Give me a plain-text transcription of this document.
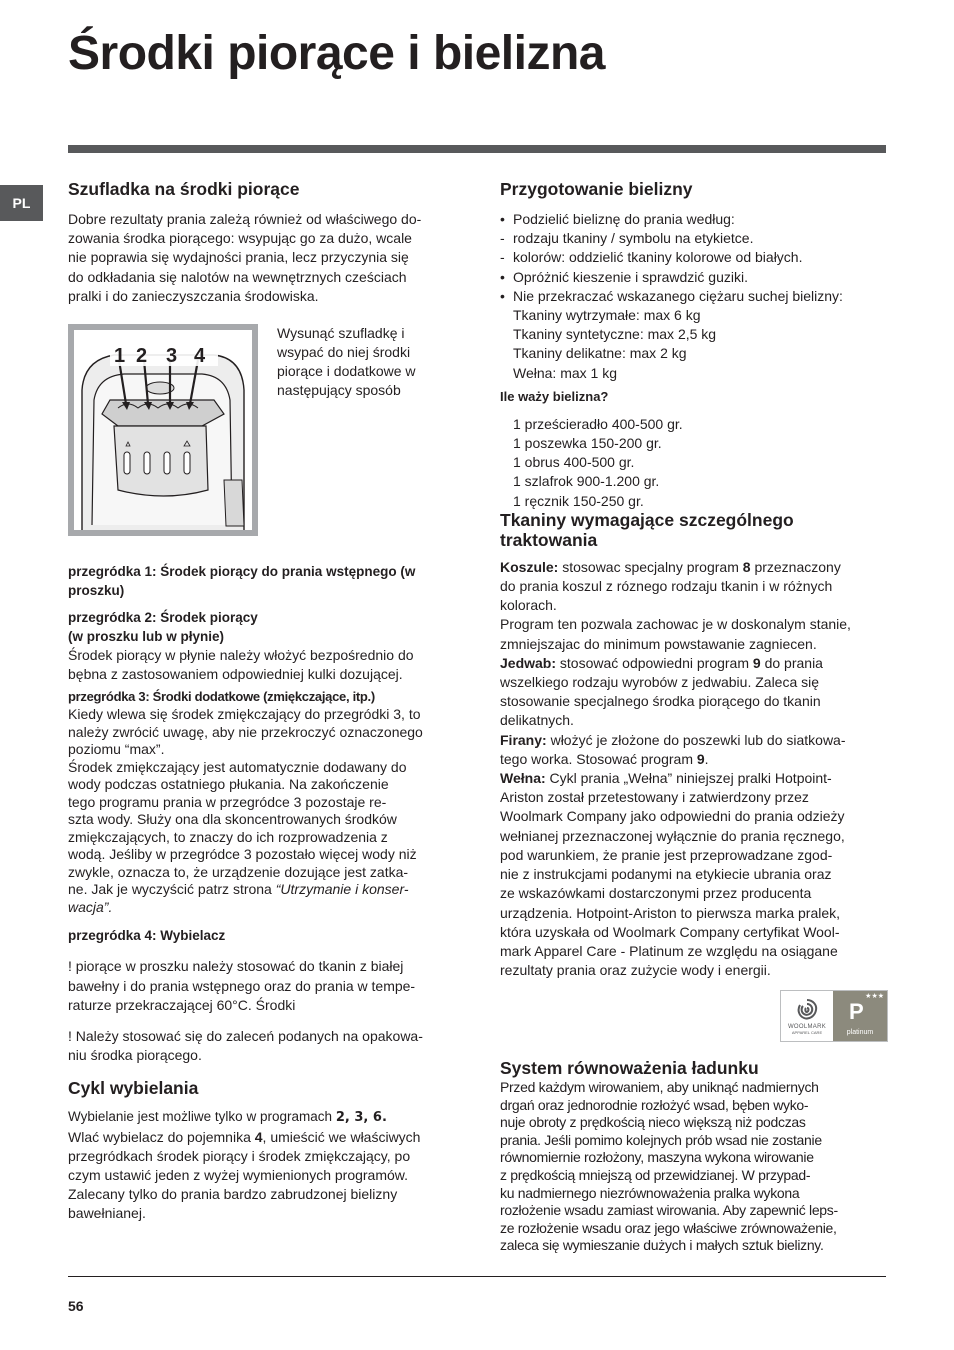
Środki piorące i bielizna
PL
Szufladka na środki piorące
Dobre rezultaty prania zależą również od właściwego do-
zowania środka piorącego: wsypując go za dużo, wcale
nie poprawia się wydajności prania, lecz przyczynia się
do odkładania się nalotów na wewnętrznych cześciach
pralki i do zanieczyszczania środowiska.
1 2 3 4
Wysunąć szufladkę i
wsypać do niej środki
piorące i dodatkowe w
następujący sposób
przegródka 1: Środek piorący do prania wstępnego (w
proszku)
przegródka 2: Środek piorący
(w proszku lub w płynie)
Środek piorący w płynie należy włożyć bezpośrednio do
bębna z zastosowaniem odpowiedniej kulki dozującej.
przegródka 3: Środki dodatkowe (zmiękczające, itp.)
Kiedy wlewa się środek zmiękczający do przegródki 3, to
należy zwrócić uwagę, aby nie przekroczyć oznaczonego
poziomu “max”.
Środek zmiękczający jest automatycznie dodawany do
wody podczas ostatniego płukania. Na zakończenie
tego programu prania w przegródce 3 pozostaje re-
szta wody. Służy ona dla skoncentrowanych środków
zmiękczających, to znaczy do ich rozprowadzenia z
wodą. Jeśliby w przegródce 3 pozostało więcej wody niż
zwykle, oznacza to, że urządzenie dozujące jest zatka-
ne. Jak je wyczyścić patrz strona “Utrzymanie i konser-
wacja”.
przegródka 4: Wybielacz
! piorące w proszku należy stosować do tkanin z białej
bawełny i do prania wstępnego oraz do prania w tempe-
raturze przekraczającej 60°C. Środki
! Należy stosować się do zaleceń podanych na opakowa-
niu środka piorącego.
Cykl wybielania
Wybielanie jest możliwe tylko w programach 2, 3, 6.
Wlać wybielacz do pojemnika 4, umieścić we właściwych
przegródkach środek piorący i środek zmiękczający, po
czym ustawić jeden z wyżej wymienionych programów.
Zalecany tylko do prania bardzo zabrudzonej bielizny
bawełnianej.
Przygotowanie bielizny
• Podzielić bieliznę do prania według:
- rodzaju tkaniny / symbolu na etykietce.
- kolorów: oddzielić tkaniny kolorowe od białych.
• Opróżnić kieszenie i sprawdzić guziki.
• Nie przekraczać wskazanego ciężaru suchej bielizny:
Tkaniny wytrzymałe: max 6 kg
Tkaniny syntetyczne: max 2,5 kg
Tkaniny delikatne: max 2 kg
Wełna: max 1 kg
Ile waży bielizna?
1 prześcieradło 400-500 gr.
1 poszewka 150-200 gr.
1 obrus 400-500 gr.
1 szlafrok 900-1.200 gr.
1 ręcznik 150-250 gr.
Tkaniny wymagające szczególnego
traktowania
Koszule: stosowac specjalny program 8 przeznaczony
do prania koszul z róznego rodzaju tkanin i w różnych
kolorach.
Program ten pozwala zachowac je w doskonalym stanie,
zmniejszajac do minimum powstawanie zagniecen.
Jedwab: stosować odpowiedni program 9 do prania
wszelkiego rodzaju wyrobów z jedwabiu. Zaleca się
stosowanie specjalnego środka piorącego do tkanin
delikatnych.
Firany: włożyć je złożone do poszewki lub do siatkowa-
tego worka. Stosować program 9.
Wełna: Cykl prania „Wełna” niniejszej pralki Hotpoint-
Ariston został przetestowany i zatwierdzony przez
Woolmark Company jako odpowiedni do prania odzieży
wełnianej przeznaczonej wyłącznie do prania ręcznego,
pod warunkiem, że pranie jest przeprowadzane zgod-
nie z instrukcjami podanymi na etykiecie ubrania oraz
ze wskazówkami dostarczonymi przez producenta
urządzenia. Hotpoint-Ariston to pierwsza marka pralek,
która uzyskała od Woolmark Company certyfikat Wool-
mark Apparel Care - Platinum ze względu na osiągane
rezultaty prania oraz zużycie wody i energii.
WOOLMARK
APPAREL CARE
★★★
P
platinum
System równoważenia ładunku
Przed każdym wirowaniem, aby uniknąć nadmiernych
drgań oraz jednorodnie rozłożyć wsad, bęben wyko-
nuje obroty z prędkością nieco większą niż podczas
prania. Jeśli pomimo kolejnych prób wsad nie zostanie
równomiernie rozłożony, maszyna wykona wirowanie
z prędkością mniejszą od przewidzianej. W przypad-
ku nadmiernego niezrównoważenia pralka wykona
rozłożenie wsadu zamiast wirowania. Aby zapewnić leps-
ze rozłożenie wsadu oraz jego właściwe zrównoważenie,
zaleca się wymieszanie dużych i małych sztuk bielizny.
56
